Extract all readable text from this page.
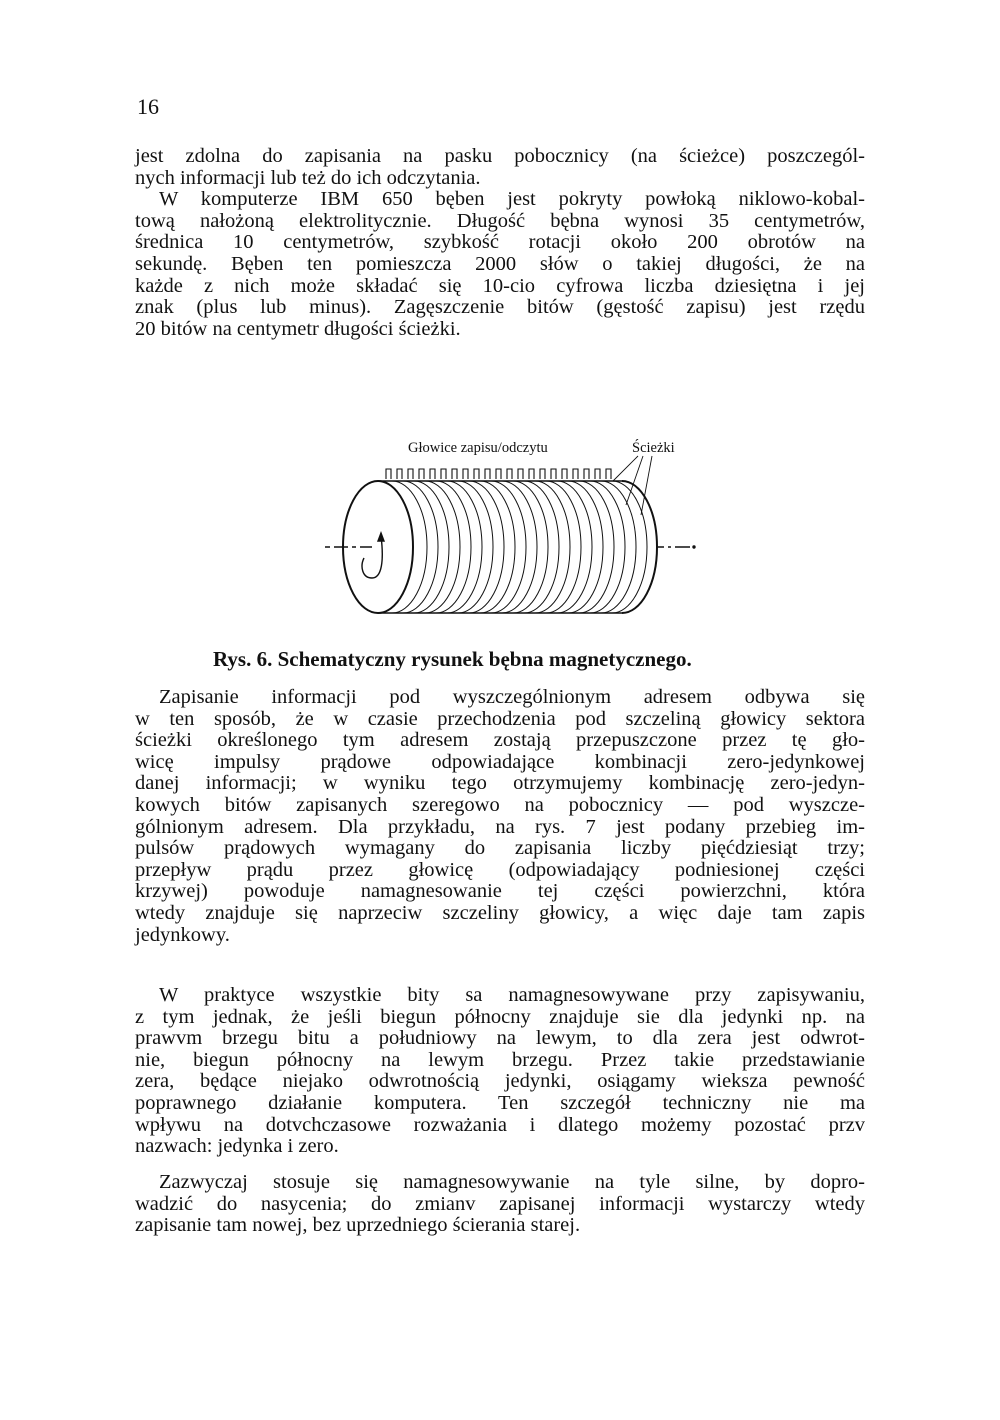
16
jest zdolna do zapisania na pasku pobocznicy (na ścieżce) poszczegól-
nych informacji lub też do ich odczytania.
W komputerze IBM 650 bęben jest pokryty powłoką niklowo-kobal-
tową nałożoną elektrolitycznie. Długość bębna wynosi 35 centymetrów,
średnica 10 centymetrów, szybkość rotacji około 200 obrotów na
sekundę. Bęben ten pomieszcza 2000 słów o takiej długości, że na
każde z nich może składać się 10-cio cyfrowa liczba dziesiętna i jej
znak (plus lub minus). Zagęszczenie bitów (gęstość zapisu) jest rzędu
20 bitów na centymetr długości ścieżki.
Głowice zapisu/odczytu	Ścieżki
Rys. 6. Schematyczny rysunek bębna magnetycznego.
Zapisanie informacji pod wyszczególnionym adresem odbywa się
w ten sposób, że w czasie przechodzenia pod szczeliną głowicy sektora
ścieżki określonego tym adresem zostają przepuszczone przez tę gło-
wicę impulsy prądowe odpowiadające kombinacji zero-jedynkowej
danej informacji; w wyniku tego otrzymujemy kombinację zero-jedyn-
kowych bitów zapisanych szeregowo na pobocznicy — pod wyszcze-
gólnionym adresem. Dla przykładu, na rys. 7 jest podany przebieg im-
pulsów prądowych wymagany do zapisania liczby pięćdziesiąt trzy;
przepływ prądu przez głowicę (odpowiadający podniesionej części
krzywej) powoduje namagnesowanie tej części powierzchni, która
wtedy znajduje się naprzeciw szczeliny głowicy, a więc daje tam zapis
jedynkowy.
W praktyce wszystkie bity sa namagnesowywane przy zapisywaniu,
z tym jednak, że jeśli biegun północny znajduje sie dla jedynki np. na
prawvm brzegu bitu a południowy na lewym, to dla zera jest odwrot-
nie, biegun północny na lewym brzegu. Przez takie przedstawianie
zera, będące niejako odwrotnością jedynki, osiągamy wieksza pewność
poprawnego działanie komputera. Ten szczegół techniczny nie ma
wpływu na dotvchczasowe rozważania i dlatego możemy pozostać przv
nazwach: jedynka i zero.
Zazwyczaj stosuje się namagnesowywanie na tyle silne, by dopro-
wadzić do nasycenia; do zmianv zapisanej informacji wystarczy wtedy
zapisanie tam nowej, bez uprzedniego ścierania starej.
